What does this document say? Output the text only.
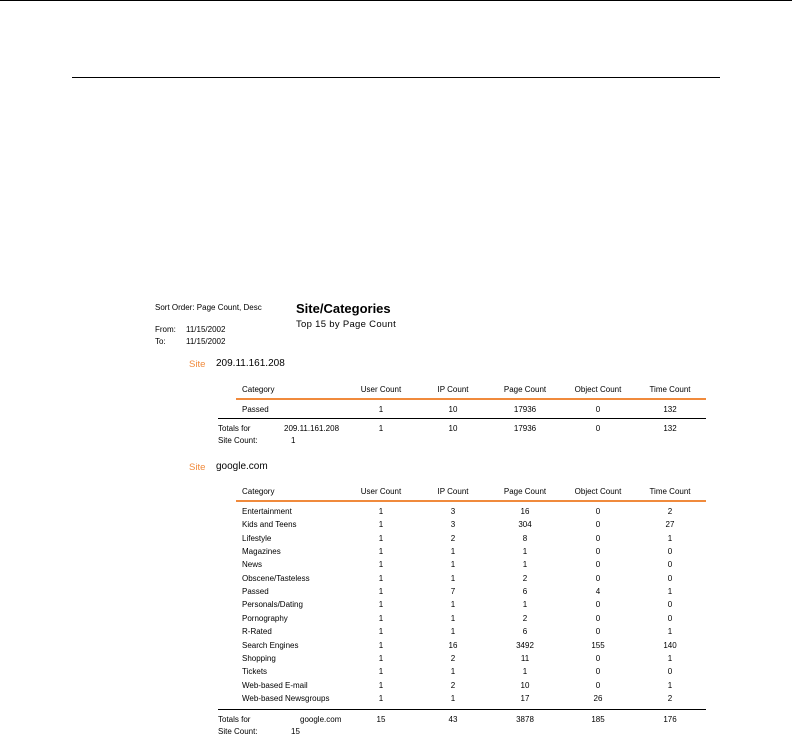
Sort Order: Page Count, Desc	Site/Categories
Top 15 by Page Count
From: 11/15/2002
To:	11/15/2002
Site 209.11.161.208
Category	User Count	IP Count	Page Count	Object Count	Time Count
Passed	1	10	17936	0	132
Totals for	209.11.161.208	1	10	17936	0	132
Site Count:	1
Site google.com
Category	User Count	IP Count	Page Count	Object Count	Time Count
Entertainment	1	3	16	0	2
Kids and Teens	1	3	304	0	27
Lifestyle	1	2	8	0	1
Magazines	1	1	1	0	0
News	1	1	1	0	0
Obscene/Tasteless	1	1	2	0	0
Passed	1	7	6	4	1
Personals/Dating	1	1	1	0	0
Pornography	1	1	2	0	0
R-Rated	1	1	6	0	1
Search Engines	1	16	3492	155	140
Shopping	1	2	11	0	1
Tickets	1	1	1	0	0
Web-based E-mail	1	2	10	0	1
Web-based Newsgroups	1	1	17	26	2
Totals for	google.com	15	43	3878	185	176
Site Count:	15
